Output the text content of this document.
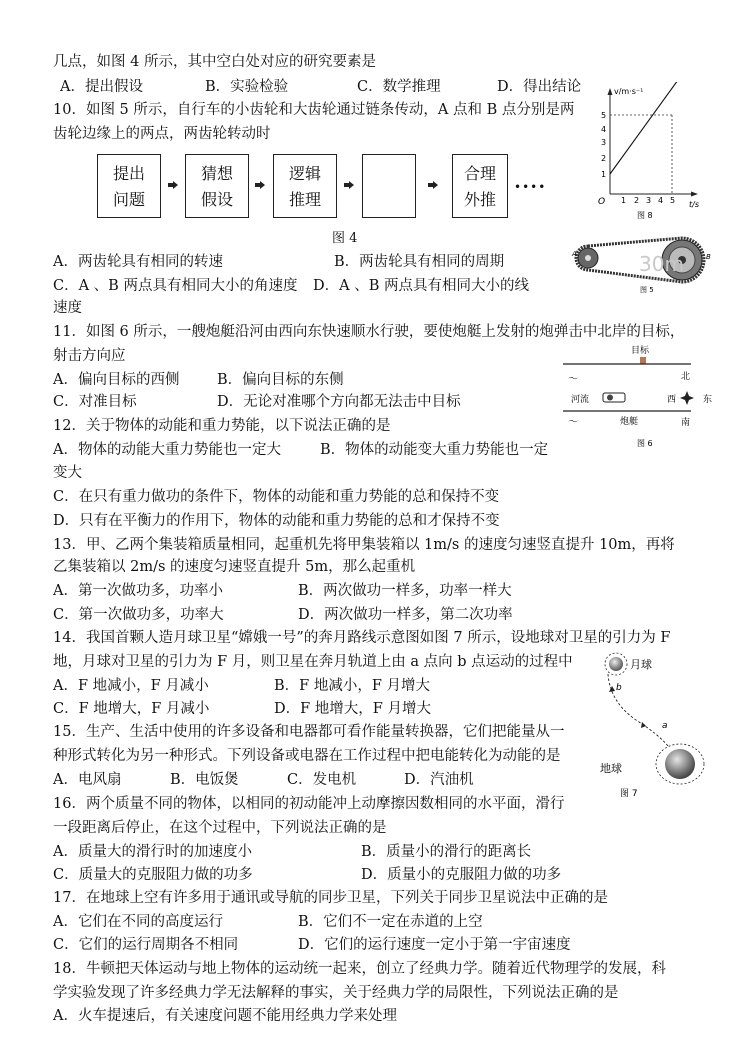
几点，如图 4 所示，其中空白处对应的研究要素是
A．提出假设	B．实验检验	C．数学推理	D．得出结论
10．如图 5 所示，自行车的小齿轮和大齿轮通过链条传动，A 点和 B 点分别是两
齿轮边缘上的两点，两齿轮转动时
提出
问题
猜想
假设
逻辑
推理
合理
外推
••••
图 4
v/m·s⁻¹
t/s
O
1
2
3
4
5
1 2 3 4 5
图 8
A．两齿轮具有相同的转速	B．两齿轮具有相同的周期
C．A 、B 两点具有相同大小的角速度 D．A 、B 两点具有相同大小的线
速度
A	B
图 5
30m
11．如图 6 所示，一艘炮艇沿河由西向东快速顺水行驶，要使炮艇上发射的炮弹击中北岸的目标，
射击方向应
A．偏向目标的西侧	B．偏向目标的东侧
C．对准目标	D．无论对准哪个方向都无法击中目标
目标
北
南
东
西
〜
〜
河流
炮艇
图 6
12．关于物体的动能和重力势能，以下说法正确的是
A．物体的动能大重力势能也一定大	B．物体的动能变大重力势能也一定
变大
C．在只有重力做功的条件下，物体的动能和重力势能的总和保持不变
D．只有在平衡力的作用下，物体的动能和重力势能的总和才保持不变
13．甲、乙两个集装箱质量相同，起重机先将甲集装箱以 1m/s 的速度匀速竖直提升 10m，再将
乙集装箱以 2m/s 的速度匀速竖直提升 5m，那么起重机
A．第一次做功多，功率小	B．两次做功一样多，功率一样大
C．第一次做功多，功率大	D．两次做功一样多，第二次功率
14．我国首颗人造月球卫星“嫦娥一号”的奔月路线示意图如图 7 所示，设地球对卫星的引力为 F
地，月球对卫星的引力为 F 月，则卫星在奔月轨道上由 a 点向 b 点运动的过程中
A．F 地减小，F 月减小	B．F 地减小，F 月增大
C．F 地增大，F 月减小	D．F 地增大，F 月增大
月球
b
a
地球
图 7
15．生产、生活中使用的许多设备和电器都可看作能量转换器，它们把能量从一
种形式转化为另一种形式。下列设备或电器在工作过程中把电能转化为动能的是
A．电风扇	B．电饭煲	C．发电机	D．汽油机
16．两个质量不同的物体，以相同的初动能冲上动摩擦因数相同的水平面，滑行
一段距离后停止，在这个过程中，下列说法正确的是
A．质量大的滑行时的加速度小	B．质量小的滑行的距离长
C．质量大的克服阻力做的功多	D．质量小的克服阻力做的功多
17．在地球上空有许多用于通讯或导航的同步卫星，下列关于同步卫星说法中正确的是
A．它们在不同的高度运行	B．它们不一定在赤道的上空
C．它们的运行周期各不相同	D．它们的运行速度一定小于第一宇宙速度
18．牛顿把天体运动与地上物体的运动统一起来，创立了经典力学。随着近代物理学的发展，科
学实验发现了许多经典力学无法解释的事实，关于经典力学的局限性，下列说法正确的是
A．火车提速后，有关速度问题不能用经典力学来处理
